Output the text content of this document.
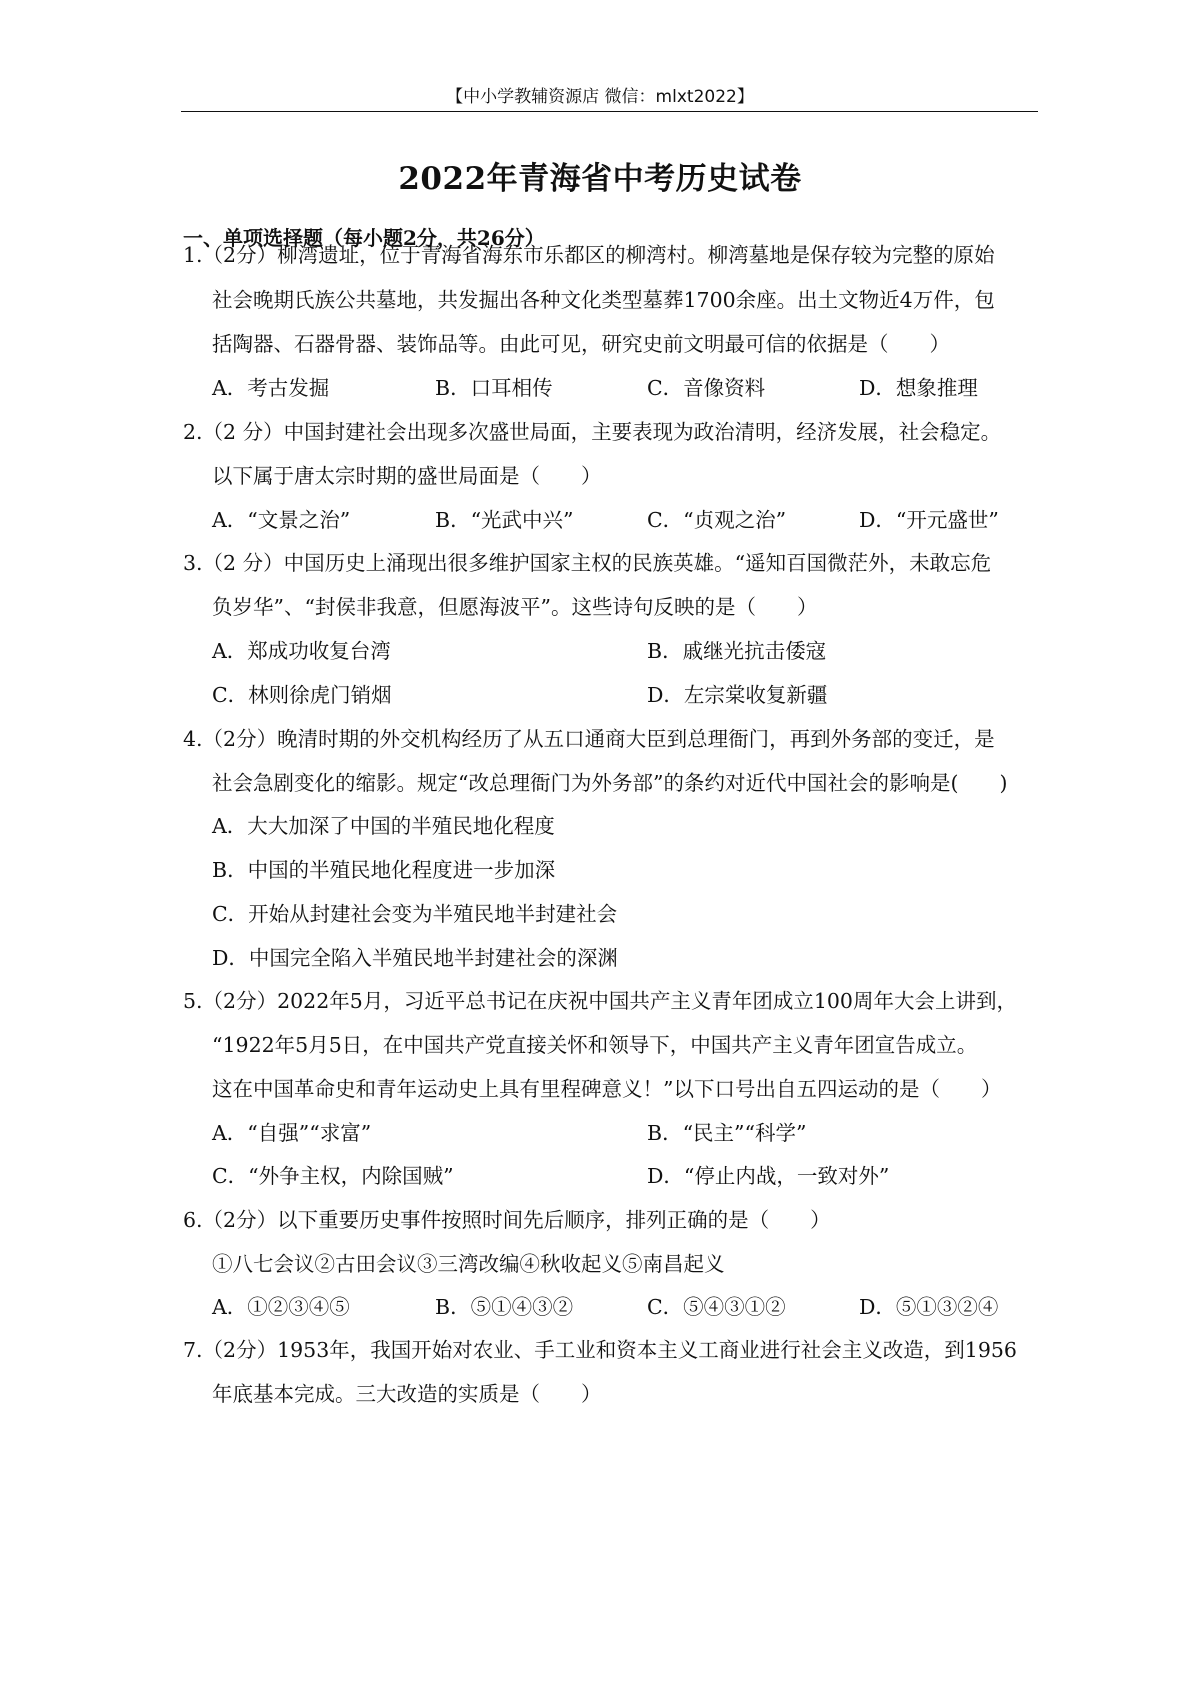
【中小学教辅资源店 微信：mlxt2022】
2022年青海省中考历史试卷
一、单项选择题（每小题2分，共26分）
1.（2分）柳湾遗址，位于青海省海东市乐都区的柳湾村。柳湾墓地是保存较为完整的原始
社会晚期氏族公共墓地，共发掘出各种文化类型墓葬1700余座。出土文物近4万件，包
括陶器、石器骨器、装饰品等。由此可见，研究史前文明最可信的依据是（　　）
A．考古发掘	B．口耳相传	C．音像资料	D．想象推理
2.（2 分）中国封建社会出现多次盛世局面，主要表现为政治清明，经济发展，社会稳定。
以下属于唐太宗时期的盛世局面是（　　）
A．“文景之治”	B．“光武中兴”	C．“贞观之治”	D．“开元盛世”
3.（2 分）中国历史上涌现出很多维护国家主权的民族英雄。“遥知百国微茫外，未敢忘危
负岁华”、“封侯非我意，但愿海波平”。这些诗句反映的是（　　）
A．郑成功收复台湾	B．戚继光抗击倭寇
C．林则徐虎门销烟	D．左宗棠收复新疆
4.（2分）晚清时期的外交机构经历了从五口通商大臣到总理衙门，再到外务部的变迁，是
社会急剧变化的缩影。规定“改总理衙门为外务部”的条约对近代中国社会的影响是(　　)
A．大大加深了中国的半殖民地化程度
B．中国的半殖民地化程度进一步加深
C．开始从封建社会变为半殖民地半封建社会
D．中国完全陷入半殖民地半封建社会的深渊
5.（2分）2022年5月，习近平总书记在庆祝中国共产主义青年团成立100周年大会上讲到，
“1922年5月5日，在中国共产党直接关怀和领导下，中国共产主义青年团宣告成立。
这在中国革命史和青年运动史上具有里程碑意义！”以下口号出自五四运动的是（　　）
A．“自强”“求富”	B．“民主”“科学”
C．“外争主权，内除国贼”	D．“停止内战，一致对外”
6.（2分）以下重要历史事件按照时间先后顺序，排列正确的是（　　）
①八七会议②古田会议③三湾改编④秋收起义⑤南昌起义
A．①②③④⑤	B．⑤①④③②	C．⑤④③①②	D．⑤①③②④
7.（2分）1953年，我国开始对农业、手工业和资本主义工商业进行社会主义改造，到1956
年底基本完成。三大改造的实质是（　　）
